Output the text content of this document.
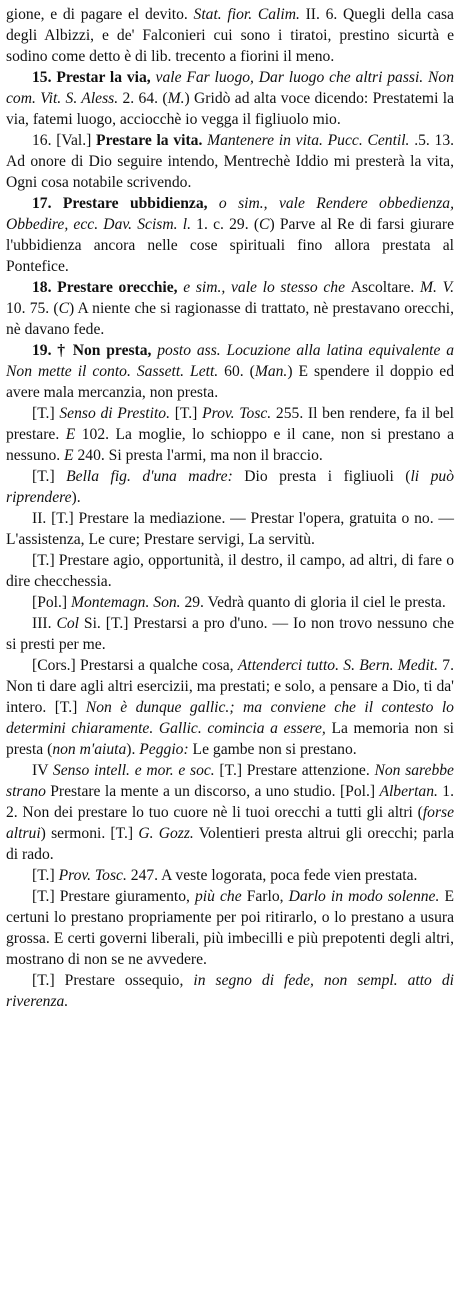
gione, e di pagare el devito. Stat. fior. Calim. II. 6. Quegli della casa degli Albizzi, e de' Falconieri cui sono i tiratoi, prestino sicurtà e sodino come detto è di lib. trecento a fiorini il meno.

15. Prestar la via, vale Far luogo, Dar luogo che altri passi. Non com. Vit. S. Aless. 2. 64. (M.) Gridò ad alta voce dicendo: Prestatemi la via, fatemi luogo, acciocchè io vegga il figliuolo mio.

16. [Val.] Prestare la vita. Mantenere in vita. Pucc. Centil. .5. 13. Ad onore di Dio seguire intendo, Mentrechè Iddio mi presterà la vita, Ogni cosa notabile scrivendo.

17. Prestare ubbidienza, o sim., vale Rendere obbedienza, Obbedire, ecc. Dav. Scism. l. 1. c. 29. (C) Parve al Re di farsi giurare l'ubbidienza ancora nelle cose spirituali fino allora prestata al Pontefice.

18. Prestare orecchie, e sim., vale lo stesso che Ascoltare. M. V. 10. 75. (C) A niente che si ragionasse di trattato, nè prestavano orecchi, nè davano fede.

19. † Non presta, posto ass. Locuzione alla latina equivalente a Non mette il conto. Sassett. Lett. 60. (Man.) E spendere il doppio ed avere mala mercanzia, non presta.

[T.] Senso di Prestito. [T.] Prov. Tosc. 255. Il ben rendere, fa il bel prestare. E 102. La moglie, lo schioppo e il cane, non si prestano a nessuno. E 240. Si presta l'armi, ma non il braccio.

[T.] Bella fig. d'una madre: Dio presta i figliuoli (li può riprendere).

II. [T.] Prestare la mediazione. — Prestar l'opera, gratuita o no. — L'assistenza, Le cure; Prestare servigi, La servitù.

[T.] Prestare agio, opportunità, il destro, il campo, ad altri, di fare o dire checchessia.

[Pol.] Montemagn. Son. 29. Vedrà quanto di gloria il ciel le presta.

III. Col Si. [T.] Prestarsi a pro d'uno. — Io non trovo nessuno che si presti per me.

[Cors.] Prestarsi a qualche cosa, Attenderci tutto. S. Bern. Medit. 7. Non ti dare agli altri esercizii, ma prestati; e solo, a pensare a Dio, ti da' intero. [T.] Non è dunque gallic.; ma conviene che il contesto lo determini chiaramente. Gallic. comincia a essere, La memoria non si presta (non m'aiuta). Peggio: Le gambe non si prestano.

IV Senso intell. e mor. e soc. [T.] Prestare attenzione. Non sarebbe strano Prestare la mente a un discorso, a uno studio. [Pol.] Albertan. 1. 2. Non dei prestare lo tuo cuore nè li tuoi orecchi a tutti gli altri (forse altrui) sermoni. [T.] G. Gozz. Volentieri presta altrui gli orecchi; parla di rado.

[T.] Prov. Tosc. 247. A veste logorata, poca fede vien prestata.

[T.] Prestare giuramento, più che Farlo, Darlo in modo solenne. E certuni lo prestano propriamente per poi ritirarlo, o lo prestano a usura grossa. E certi governi liberali, più imbecilli e più prepotenti degli altri, mostrano di non se ne avvedere.

[T.] Prestare ossequio, in segno di fede, non sempl. atto di riverenza.
